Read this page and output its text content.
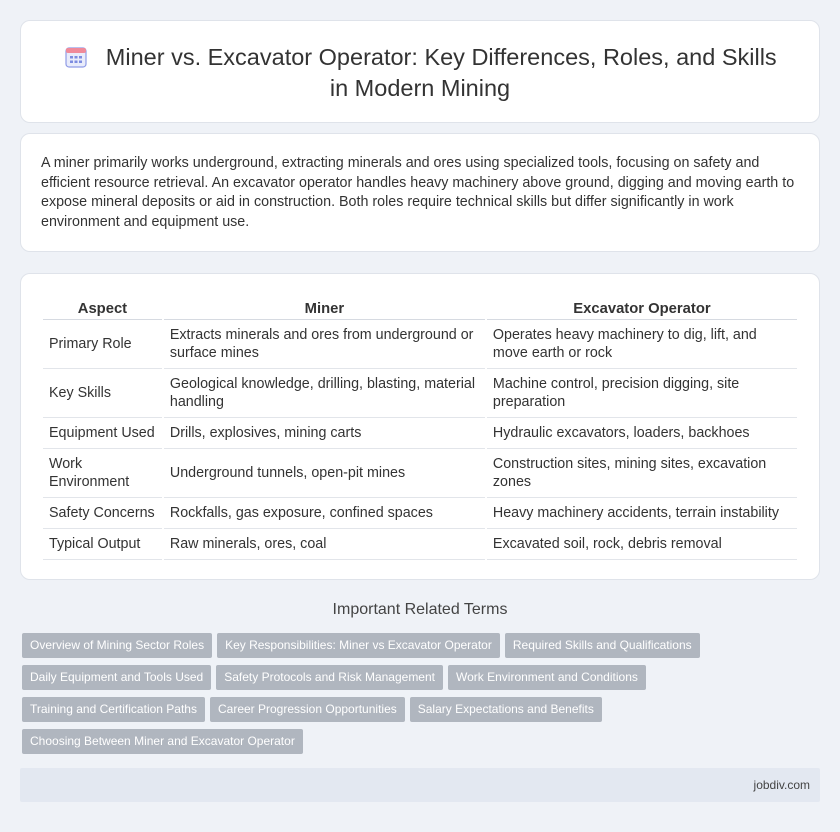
Miner vs. Excavator Operator: Key Differences, Roles, and Skills in Modern Mining

A miner primarily works underground, extracting minerals and ores using specialized tools, focusing on safety and efficient resource retrieval. An excavator operator handles heavy machinery above ground, digging and moving earth to expose mineral deposits or aid in construction. Both roles require technical skills but differ significantly in work environment and equipment use.

Aspect	Miner	Excavator Operator
Primary Role	Extracts minerals and ores from underground or surface mines	Operates heavy machinery to dig, lift, and move earth or rock
Key Skills	Geological knowledge, drilling, blasting, material handling	Machine control, precision digging, site preparation
Equipment Used	Drills, explosives, mining carts	Hydraulic excavators, loaders, backhoes
Work Environment	Underground tunnels, open-pit mines	Construction sites, mining sites, excavation zones
Safety Concerns	Rockfalls, gas exposure, confined spaces	Heavy machinery accidents, terrain instability
Typical Output	Raw minerals, ores, coal	Excavated soil, rock, debris removal
Important Related Terms
Overview of Mining Sector Roles Key Responsibilities: Miner vs Excavator Operator Required Skills and Qualifications
Daily Equipment and Tools Used Safety Protocols and Risk Management Work Environment and Conditions
Training and Certification Paths Career Progression Opportunities Salary Expectations and Benefits
Choosing Between Miner and Excavator Operator
jobdiv.com
